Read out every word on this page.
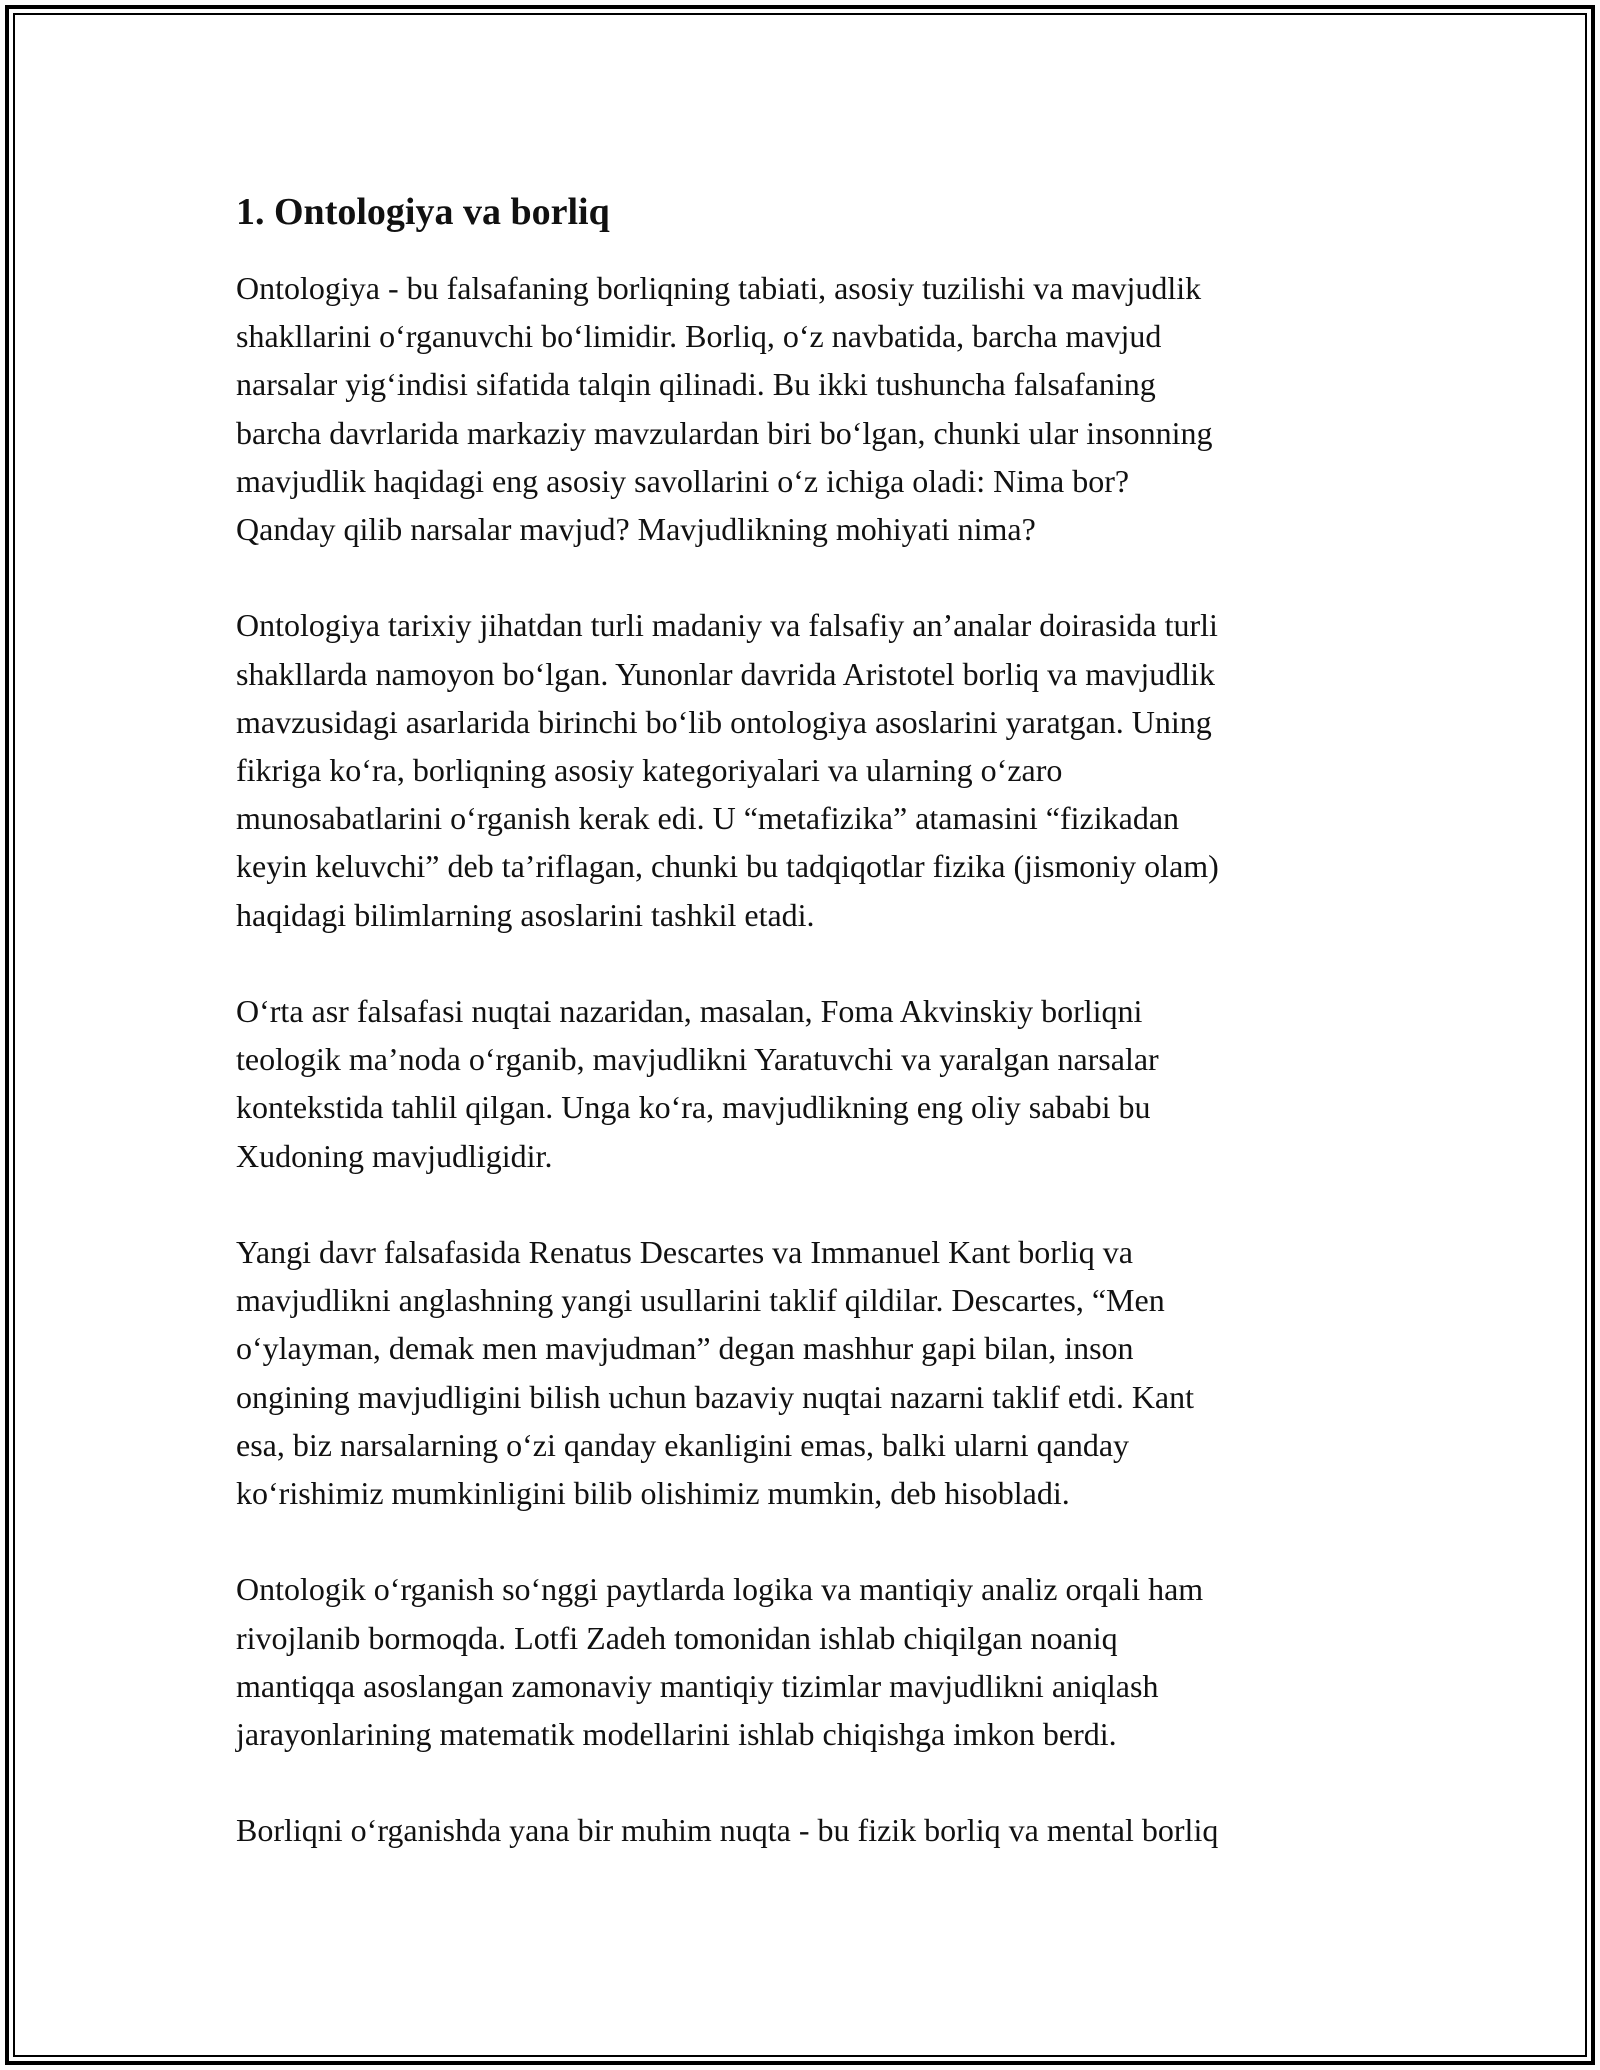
1. Ontologiya va borliq

Ontologiya - bu falsafaning borliqning tabiati, asosiy tuzilishi va mavjudlik
shakllarini o‘rganuvchi bo‘limidir. Borliq, o‘z navbatida, barcha mavjud
narsalar yig‘indisi sifatida talqin qilinadi. Bu ikki tushuncha falsafaning
barcha davrlarida markaziy mavzulardan biri bo‘lgan, chunki ular insonning
mavjudlik haqidagi eng asosiy savollarini o‘z ichiga oladi: Nima bor?
Qanday qilib narsalar mavjud? Mavjudlikning mohiyati nima?

Ontologiya tarixiy jihatdan turli madaniy va falsafiy an’analar doirasida turli
shakllarda namoyon bo‘lgan. Yunonlar davrida Aristotel borliq va mavjudlik
mavzusidagi asarlarida birinchi bo‘lib ontologiya asoslarini yaratgan. Uning
fikriga ko‘ra, borliqning asosiy kategoriyalari va ularning o‘zaro
munosabatlarini o‘rganish kerak edi. U “metafizika” atamasini “fizikadan
keyin keluvchi” deb ta’riflagan, chunki bu tadqiqotlar fizika (jismoniy olam)
haqidagi bilimlarning asoslarini tashkil etadi.

O‘rta asr falsafasi nuqtai nazaridan, masalan, Foma Akvinskiy borliqni
teologik ma’noda o‘rganib, mavjudlikni Yaratuvchi va yaralgan narsalar
kontekstida tahlil qilgan. Unga ko‘ra, mavjudlikning eng oliy sababi bu
Xudoning mavjudligidir.

Yangi davr falsafasida Renatus Descartes va Immanuel Kant borliq va
mavjudlikni anglashning yangi usullarini taklif qildilar. Descartes, “Men
o‘ylayman, demak men mavjudman” degan mashhur gapi bilan, inson
ongining mavjudligini bilish uchun bazaviy nuqtai nazarni taklif etdi. Kant
esa, biz narsalarning o‘zi qanday ekanligini emas, balki ularni qanday
ko‘rishimiz mumkinligini bilib olishimiz mumkin, deb hisobladi.

Ontologik o‘rganish so‘nggi paytlarda logika va mantiqiy analiz orqali ham
rivojlanib bormoqda. Lotfi Zadeh tomonidan ishlab chiqilgan noaniq
mantiqqa asoslangan zamonaviy mantiqiy tizimlar mavjudlikni aniqlash
jarayonlarining matematik modellarini ishlab chiqishga imkon berdi.

Borliqni o‘rganishda yana bir muhim nuqta - bu fizik borliq va mental borliq
